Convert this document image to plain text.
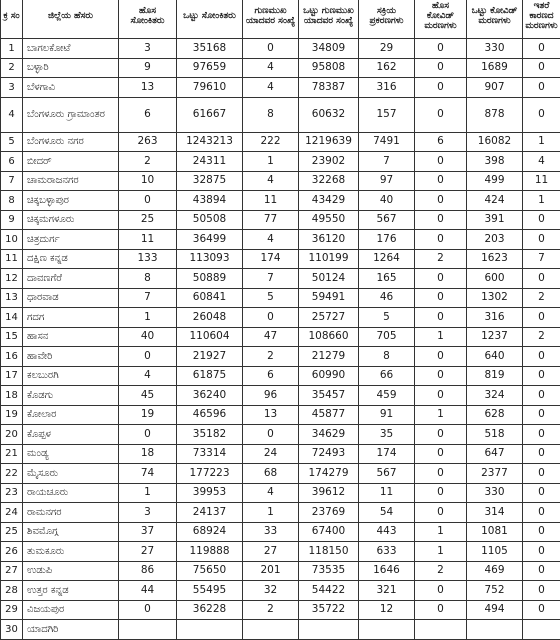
ಕ್ರ ಸಂ	ಜಿಲ್ಲೆಯ ಹೆಸರು	ಹೊಸ ಸೋಂಕಿತರು	ಒಟ್ಟು ಸೋಂಕಿತರು	ಗುಣಮುಖ ಯಾದವರ ಸಂಖ್ಯೆ	ಒಟ್ಟು ಗುಣಮುಖ ಯಾದವರ ಸಂಖ್ಯೆ	ಸಕ್ರಿಯ ಪ್ರಕರಣಗಳು	ಹೊಸ ಕೋವಿಡ್ ಮರಣಗಳು	ಒಟ್ಟು ಕೋವಿಡ್ ಮರಣಗಳು	ಇತರೆ ಕಾರಣದ ಮರಣಗಳು
1	ಬಾಗಲಕೋಟೆ	3	35168	0	34809	29	0	330	0
2	ಬಳ್ಳಾರಿ	9	97659	4	95808	162	0	1689	0
3	ಬೆಳಗಾವಿ	13	79610	4	78387	316	0	907	0
4	ಬೆಂಗಳೂರು ಗ್ರಾಮಾಂತರ	6	61667	8	60632	157	0	878	0
5	ಬೆಂಗಳೂರು ನಗರ	263	1243213	222	1219639	7491	6	16082	1
6	ಬೀದರ್	2	24311	1	23902	7	0	398	4
7	ಚಾಮರಾಜನಗರ	10	32875	4	32268	97	0	499	11
8	ಚಿಕ್ಕಬಳ್ಳಾಪುರ	0	43894	11	43429	40	0	424	1
9	ಚಿಕ್ಕಮಗಳೂರು	25	50508	77	49550	567	0	391	0
10	ಚಿತ್ರದುರ್ಗ	11	36499	4	36120	176	0	203	0
11	ದಕ್ಷಿಣ ಕನ್ನಡ	133	113093	174	110199	1264	2	1623	7
12	ದಾವಣಗೆರೆ	8	50889	7	50124	165	0	600	0
13	ಧಾರವಾಡ	7	60841	5	59491	46	0	1302	2
14	ಗದಗ	1	26048	0	25727	5	0	316	0
15	ಹಾಸನ	40	110604	47	108660	705	1	1237	2
16	ಹಾವೇರಿ	0	21927	2	21279	8	0	640	0
17	ಕಲಬುರಗಿ	4	61875	6	60990	66	0	819	0
18	ಕೊಡಗು	45	36240	96	35457	459	0	324	0
19	ಕೋಲಾರ	19	46596	13	45877	91	1	628	0
20	ಕೊಪ್ಪಳ	0	35182	0	34629	35	0	518	0
21	ಮಂಡ್ಯ	18	73314	24	72493	174	0	647	0
22	ಮೈಸೂರು	74	177223	68	174279	567	0	2377	0
23	ರಾಯಚೂರು	1	39953	4	39612	11	0	330	0
24	ರಾಮನಗರ	3	24137	1	23769	54	0	314	0
25	ಶಿವಮೊಗ್ಗ	37	68924	33	67400	443	1	1081	0
26	ತುಮಕೂರು	27	119888	27	118150	633	1	1105	0
27	ಉಡುಪಿ	86	75650	201	73535	1646	2	469	0
28	ಉತ್ತರ ಕನ್ನಡ	44	55495	32	54422	321	0	752	0
29	ವಿಜಯಪುರ	0	36228	2	35722	12	0	494	0
30	ಯಾದಗಿರಿ								
